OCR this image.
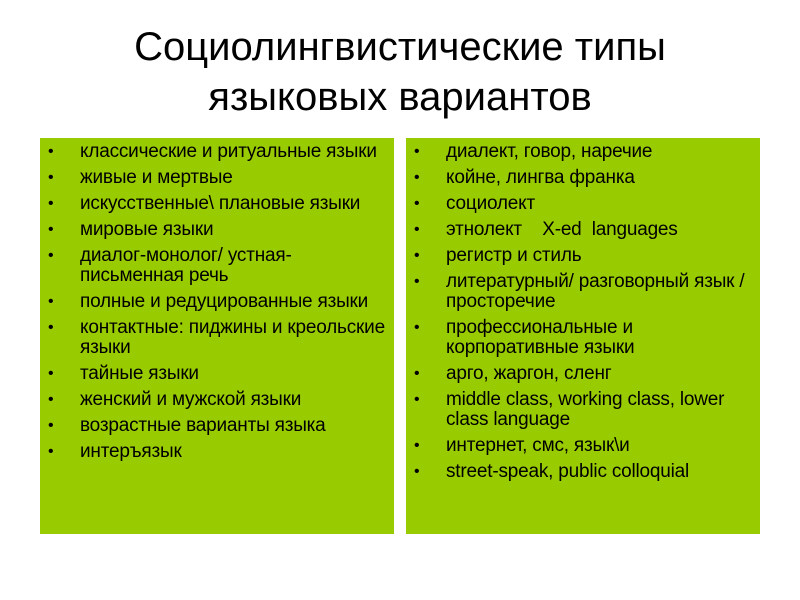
Социолингвистические типы
языковых вариантов
• классические и ритуальные языки
• живые и мертвые
• искусственные\ плановые языки
• мировые языки
• диалог-монолог/ устная-письменная речь
• полные и редуцированные языки
• контактные: пиджины и креольские языки
• тайные языки
• женский и мужской языки
• возрастные варианты языка
• интеръязык
• диалект, говор, наречие
• койне, лингва франка
• социолект
• этнолект    X-ed  languages
• регистр и стиль
• литературный/ разговорный язык / просторечие
• профессиональные и корпоративные языки
• арго, жаргон, сленг
• middle class, working class, lower class language
• интернет, смс, язык\и
• street-speak, public colloquial
